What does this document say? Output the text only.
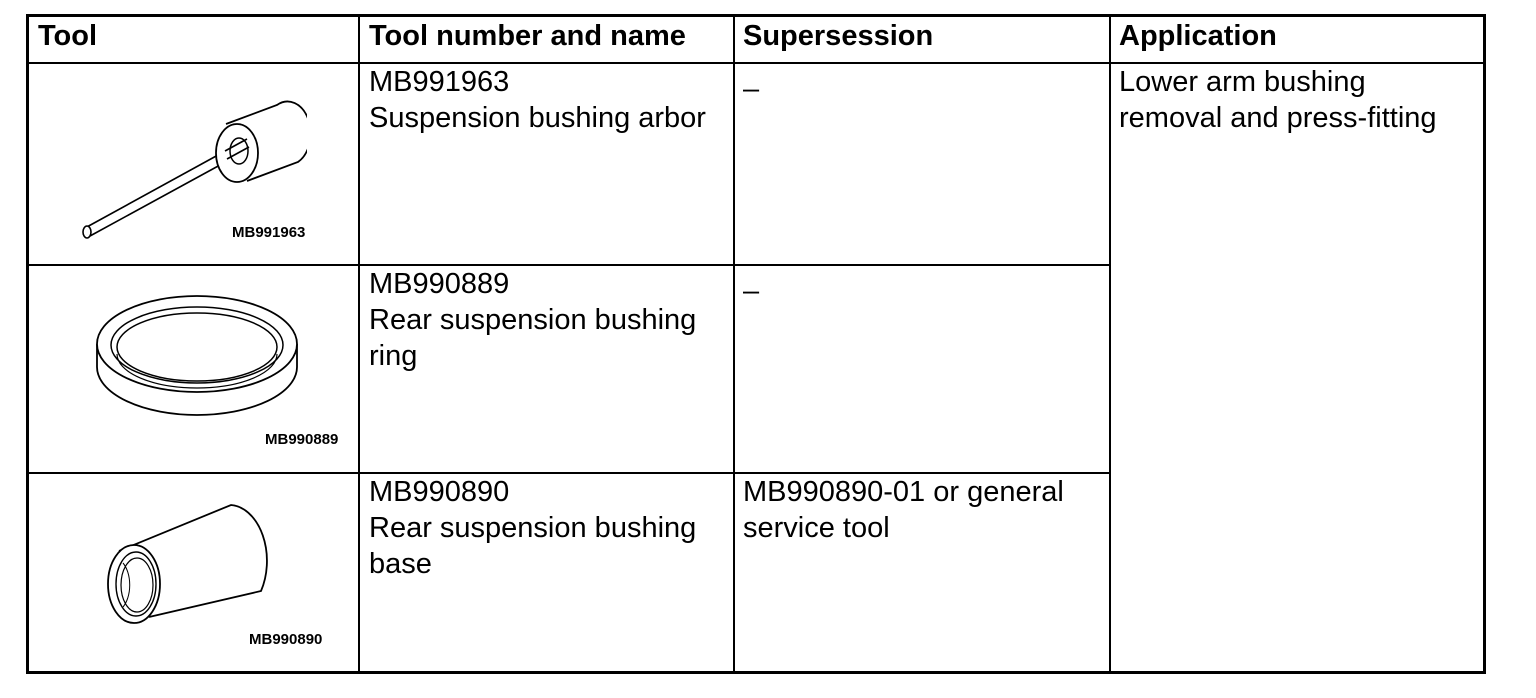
Tool	Tool number and name Supersession	Application
MB991963
MB991963
Suspension bushing arbor
–
MB990889
MB990889
Rear suspension bushing
ring
–
MB990890
MB990890
Rear suspension bushing
base
MB990890-01 or general
service tool
Lower arm bushing
removal and press-fitting
